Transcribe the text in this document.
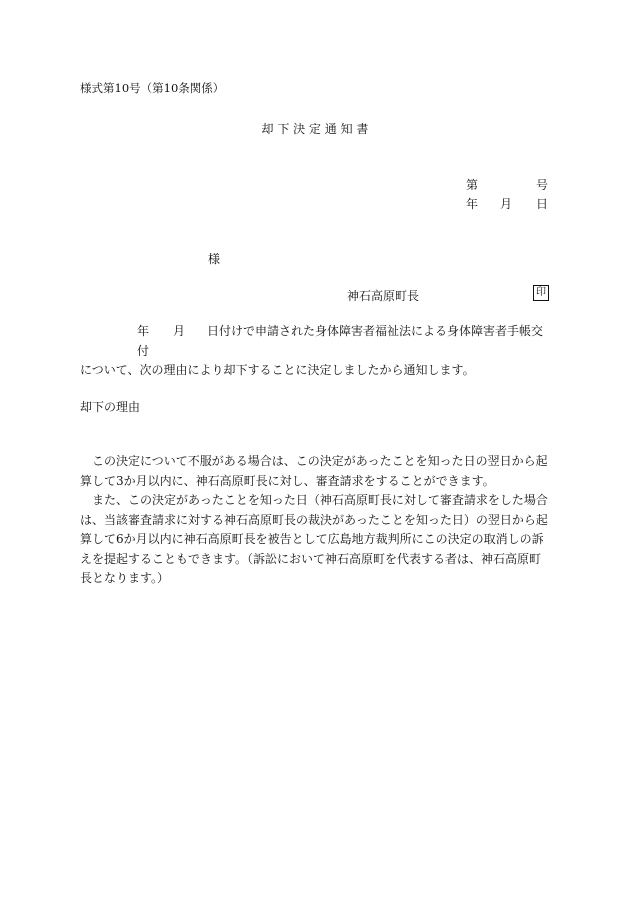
様式第10号（第10条関係）
却 下 決 定 通 知 書
第	号
年 月 日
様
神石高原町長	印
年 月 日付けで申請された身体障害者福祉法による身体障害者手帳交付
について、次の理由により却下することに決定しましたから通知します。
却下の理由

この決定について不服がある場合は、この決定があったことを知った日の翌日から起算して3か月以内に、神石高原町長に対し、審査請求をすることができます。

また、この決定があったことを知った日（神石高原町長に対して審査請求をした場合は、当該審査請求に対する神石高原町長の裁決があったことを知った日）の翌日から起算して6か月以内に神石高原町長を被告として広島地方裁判所にこの決定の取消しの訴えを提起することもできます。（訴訟において神石高原町を代表する者は、神石高原町長となります。）
